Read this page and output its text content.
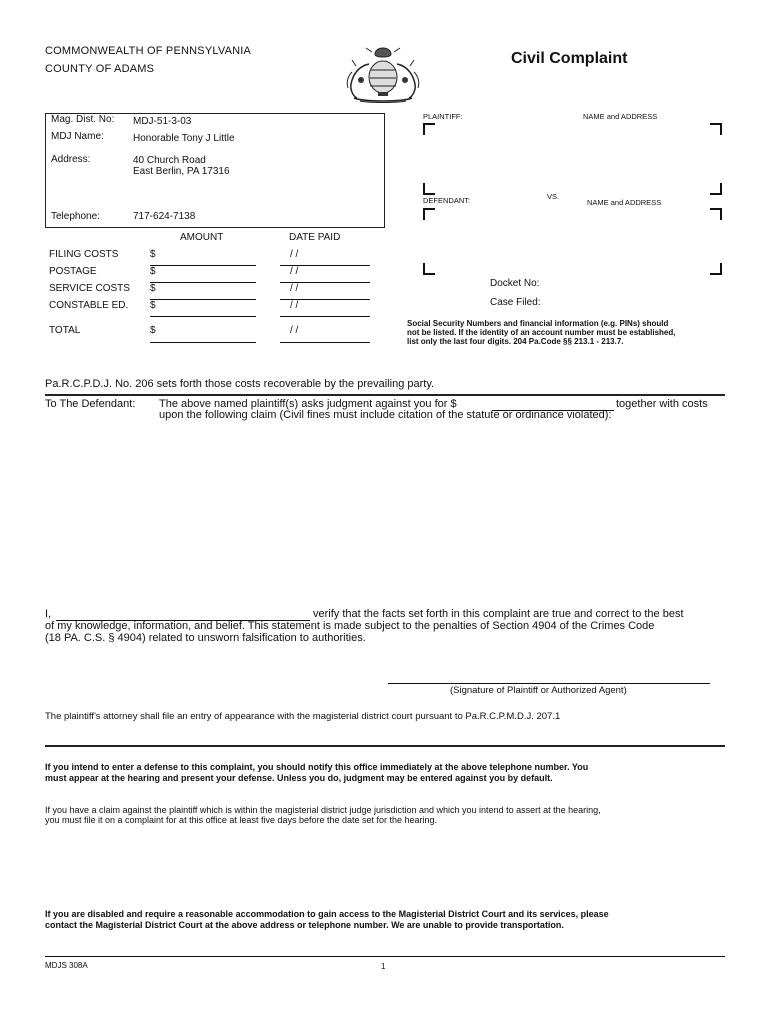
COMMONWEALTH OF PENNSYLVANIA
COUNTY OF ADAMS
Civil Complaint
Mag. Dist. No: MDJ-51-3-03
MDJ Name:	Honorable Tony J Little
Address:	40 Church Road
East Berlin, PA 17316
Telephone:	717-624-7138
PLAINTIFF:	NAME and ADDRESS
VS.
DEFENDANT:	NAME and ADDRESS
Docket No:
Case Filed:
AMOUNT	DATE PAID
FILING COSTS	$	/ /
POSTAGE	$	/ /
SERVICE COSTS $	/ /
CONSTABLE ED. $	/ /
TOTAL	$	/ /
Social Security Numbers and financial information (e.g. PINs) should
not be listed. If the identity of an account number must be established,
list only the last four digits. 204 Pa.Code §§ 213.1 - 213.7.
Pa.R.C.P.D.J. No. 206 sets forth those costs recoverable by the prevailing party.
To The Defendant: The above named plaintiff(s) asks judgment against you for $	together with costs
upon the following claim (Civil fines must include citation of the statute or ordinance violated):
I,	verify that the facts set forth in this complaint are true and correct to the best
of my knowledge, information, and belief. This statement is made subject to the penalties of Section 4904 of the Crimes Code
(18 PA. C.S. § 4904) related to unsworn falsification to authorities.
(Signature of Plaintiff or Authorized Agent)
The plaintiff's attorney shall file an entry of appearance with the magisterial district court pursuant to Pa.R.C.P.M.D.J. 207.1
If you intend to enter a defense to this complaint, you should notify this office immediately at the above telephone number. You
must appear at the hearing and present your defense. Unless you do, judgment may be entered against you by default.
If you have a claim against the plaintiff which is within the magisterial district judge jurisdiction and which you intend to assert at the hearing,
you must file it on a complaint for at this office at least five days before the date set for the hearing.
If you are disabled and require a reasonable accommodation to gain access to the Magisterial District Court and its services, please
contact the Magisterial District Court at the above address or telephone number. We are unable to provide transportation.
MDJS 308A	1
